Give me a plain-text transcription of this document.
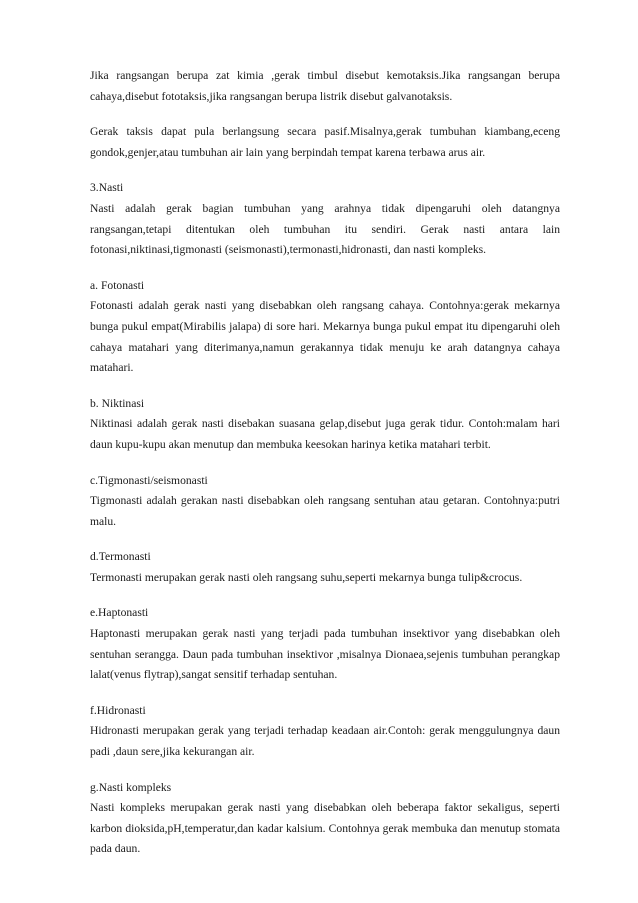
Jika rangsangan berupa zat kimia ,gerak timbul disebut kemotaksis.Jika rangsangan berupa cahaya,disebut fototaksis,jika rangsangan berupa listrik disebut galvanotaksis.

Gerak taksis dapat pula berlangsung secara pasif.Misalnya,gerak tumbuhan kiambang,eceng gondok,genjer,atau tumbuhan air lain yang berpindah tempat karena terbawa arus air.

3.Nasti
Nasti adalah gerak bagian tumbuhan yang arahnya tidak dipengaruhi oleh datangnya rangsangan,tetapi ditentukan oleh tumbuhan itu sendiri. Gerak nasti antara lain fotonasi,niktinasi,tigmonasti (seismonasti),termonasti,hidronasti, dan nasti kompleks.

a. Fotonasti
Fotonasti adalah gerak nasti yang disebabkan oleh rangsang cahaya. Contohnya:gerak mekarnya bunga pukul empat(Mirabilis jalapa) di sore hari. Mekarnya bunga pukul empat itu dipengaruhi oleh cahaya matahari yang diterimanya,namun gerakannya tidak menuju ke arah datangnya cahaya matahari.

b. Niktinasi
Niktinasi adalah gerak nasti disebakan suasana gelap,disebut juga gerak tidur. Contoh:malam hari daun kupu-kupu akan menutup dan membuka keesokan harinya ketika matahari terbit.

c.Tigmonasti/seismonasti
Tigmonasti adalah gerakan nasti disebabkan oleh rangsang sentuhan atau getaran. Contohnya:putri malu.

d.Termonasti
Termonasti merupakan gerak nasti oleh rangsang suhu,seperti mekarnya bunga tulip&crocus.

e.Haptonasti
Haptonasti merupakan gerak nasti yang terjadi pada tumbuhan insektivor yang disebabkan oleh sentuhan serangga. Daun pada tumbuhan insektivor ,misalnya Dionaea,sejenis tumbuhan perangkap lalat(venus flytrap),sangat sensitif terhadap sentuhan.

f.Hidronasti
Hidronasti merupakan gerak yang terjadi terhadap keadaan air.Contoh: gerak menggulungnya daun padi ,daun sere,jika kekurangan air.

g.Nasti kompleks
Nasti kompleks merupakan gerak nasti yang disebabkan oleh beberapa faktor sekaligus, seperti karbon dioksida,pH,temperatur,dan kadar kalsium. Contohnya gerak membuka dan menutup stomata pada daun.
